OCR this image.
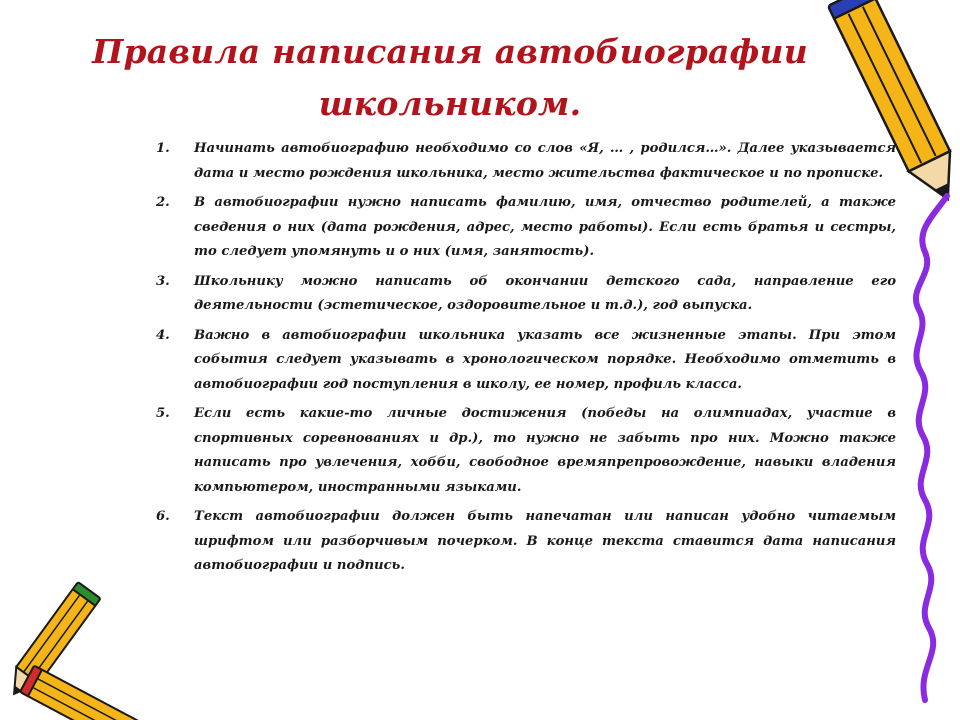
Правила написания автобиографии
школьником.
1. Начинать автобиографию необходимо со слов «Я, … , родился…». Далее указывается дата и место рождения школьника, место жительства фактическое и по прописке.
2. В автобиографии нужно написать фамилию, имя, отчество родителей, а также сведения о них (дата рождения, адрес, место работы). Если есть братья и сестры, то следует упомянуть и о них (имя, занятость).
3. Школьнику можно написать об окончании детского сада, направление его деятельности (эстетическое, оздоровительное и т.д.), год выпуска.
4. Важно в автобиографии школьника указать все жизненные этапы. При этом события следует указывать в хронологическом порядке. Необходимо отметить в автобиографии год поступления в школу, ее номер, профиль класса.
5. Если есть какие-то личные достижения (победы на олимпиадах, участие в спортивных соревнованиях и др.), то нужно не забыть про них. Можно также написать про увлечения, хобби, свободное времяпрепровождение, навыки владения компьютером, иностранными языками.
6. Текст автобиографии должен быть напечатан или написан удобно читаемым шрифтом или разборчивым почерком. В конце текста ставится дата написания автобиографии и подпись.
